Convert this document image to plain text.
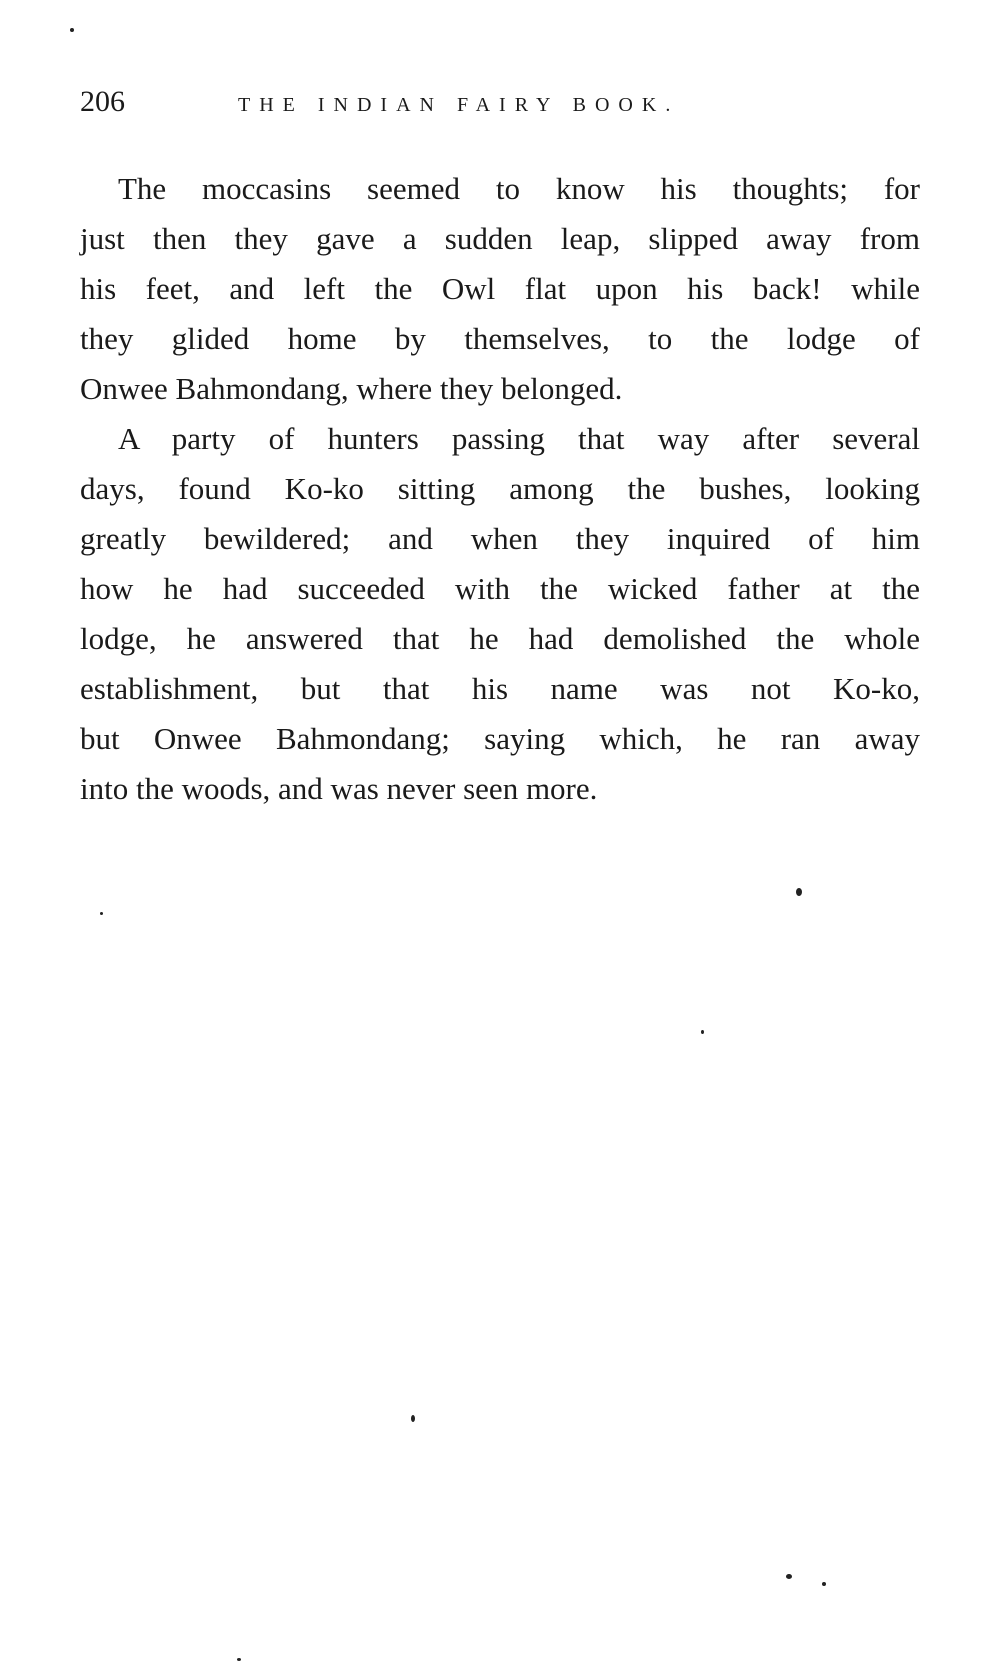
206	THE INDIAN FAIRY BOOK.
The moccasins seemed to know his thoughts; for
just then they gave a sudden leap, slipped away from
his feet, and left the Owl flat upon his back! while
they glided home by themselves, to the lodge of
Onwee Bahmondang, where they belonged.
A party of hunters passing that way after several
days, found Ko-ko sitting among the bushes, looking
greatly bewildered; and when they inquired of him
how he had succeeded with the wicked father at the
lodge, he answered that he had demolished the whole
establishment, but that his name was not Ko-ko,
but Onwee Bahmondang; saying which, he ran away
into the woods, and was never seen more.
